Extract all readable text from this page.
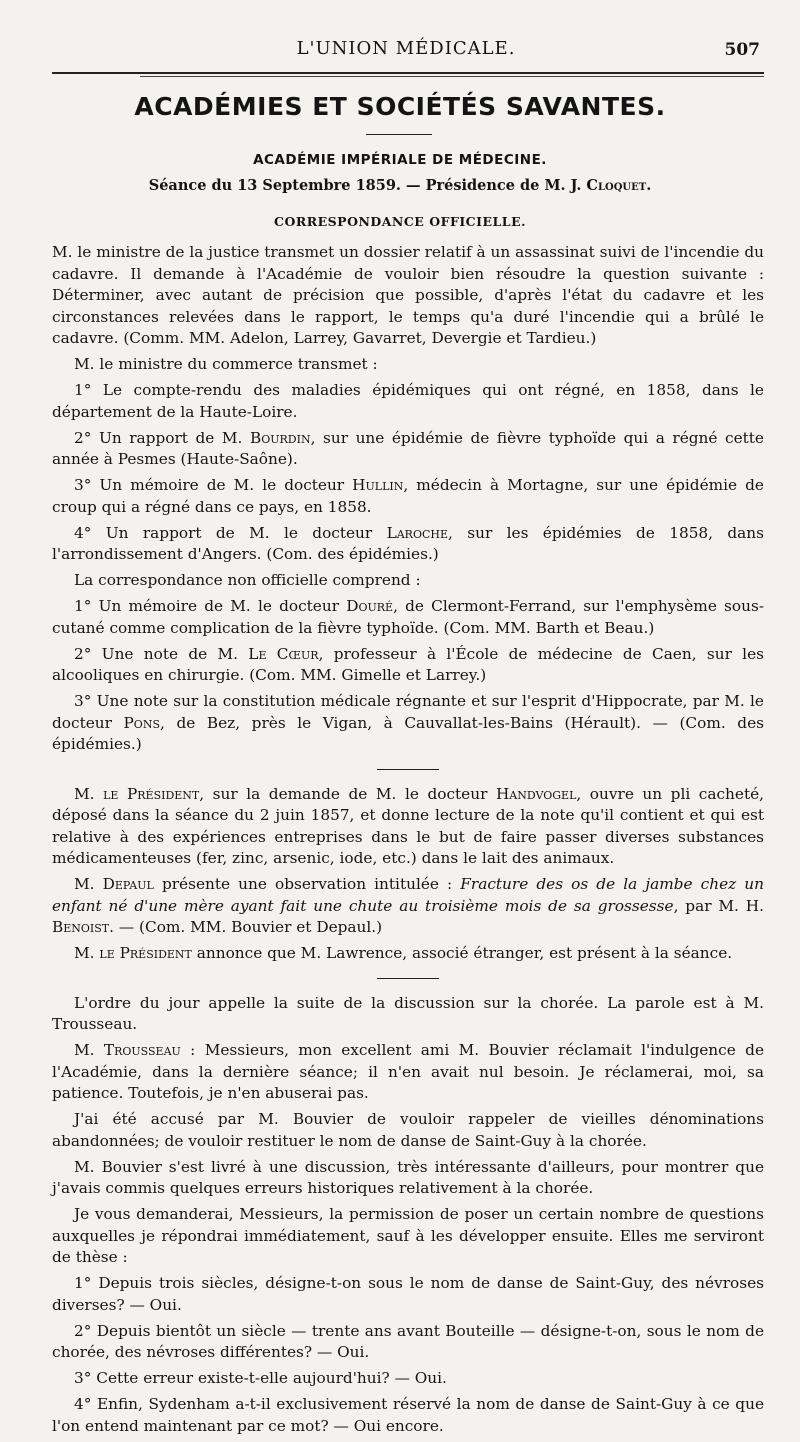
L'UNION MÉDICALE.	507
ACADÉMIES ET SOCIÉTÉS SAVANTES.
ACADÉMIE IMPÉRIALE DE MÉDECINE.
Séance du 13 Septembre 1859. — Présidence de M. J. Cloquet.
CORRESPONDANCE OFFICIELLE.

M. le ministre de la justice transmet un dossier relatif à un assassinat suivi de l'incendie du cadavre. Il demande à l'Académie de vouloir bien résoudre la question suivante : Déterminer, avec autant de précision que possible, d'après l'état du cadavre et les circonstances relevées dans le rapport, le temps qu'a duré l'incendie qui a brûlé le cadavre. (Comm. MM. Adelon, Larrey, Gavarret, Devergie et Tardieu.)

M. le ministre du commerce transmet :

1° Le compte-rendu des maladies épidémiques qui ont régné, en 1858, dans le département de la Haute-Loire.

2° Un rapport de M. Bourdin, sur une épidémie de fièvre typhoïde qui a régné cette année à Pesmes (Haute-Saône).

3° Un mémoire de M. le docteur Hullin, médecin à Mortagne, sur une épidémie de croup qui a régné dans ce pays, en 1858.

4° Un rapport de M. le docteur Laroche, sur les épidémies de 1858, dans l'arrondissement d'Angers. (Com. des épidémies.)

La correspondance non officielle comprend :

1° Un mémoire de M. le docteur Douré, de Clermont-Ferrand, sur l'emphysème sous-cutané comme complication de la fièvre typhoïde. (Com. MM. Barth et Beau.)

2° Une note de M. Le Cœur, professeur à l'École de médecine de Caen, sur les alcooliques en chirurgie. (Com. MM. Gimelle et Larrey.)

3° Une note sur la constitution médicale régnante et sur l'esprit d'Hippocrate, par M. le docteur Pons, de Bez, près le Vigan, à Cauvallat-les-Bains (Hérault). — (Com. des épidémies.)

M. le Président, sur la demande de M. le docteur Handvogel, ouvre un pli cacheté, déposé dans la séance du 2 juin 1857, et donne lecture de la note qu'il contient et qui est relative à des expériences entreprises dans le but de faire passer diverses substances médicamenteuses (fer, zinc, arsenic, iode, etc.) dans le lait des animaux.

M. Depaul présente une observation intitulée : Fracture des os de la jambe chez un enfant né d'une mère ayant fait une chute au troisième mois de sa grossesse, par M. H. Benoist. — (Com. MM. Bouvier et Depaul.)

M. le Président annonce que M. Lawrence, associé étranger, est présent à la séance.

L'ordre du jour appelle la suite de la discussion sur la chorée. La parole est à M. Trousseau.

M. Trousseau : Messieurs, mon excellent ami M. Bouvier réclamait l'indulgence de l'Académie, dans la dernière séance; il n'en avait nul besoin. Je réclamerai, moi, sa patience. Toutefois, je n'en abuserai pas.

J'ai été accusé par M. Bouvier de vouloir rappeler de vieilles dénominations abandonnées; de vouloir restituer le nom de danse de Saint-Guy à la chorée.

M. Bouvier s'est livré à une discussion, très intéressante d'ailleurs, pour montrer que j'avais commis quelques erreurs historiques relativement à la chorée.

Je vous demanderai, Messieurs, la permission de poser un certain nombre de questions auxquelles je répondrai immédiatement, sauf à les développer ensuite. Elles me serviront de thèse :

1° Depuis trois siècles, désigne-t-on sous le nom de danse de Saint-Guy, des névroses diverses? — Oui.

2° Depuis bientôt un siècle — trente ans avant Bouteille — désigne-t-on, sous le nom de chorée, des névroses différentes? — Oui.

3° Cette erreur existe-t-elle aujourd'hui? — Oui.

4° Enfin, Sydenham a-t-il exclusivement réservé la nom de danse de Saint-Guy à ce que l'on entend maintenant par ce mot? — Oui encore.
